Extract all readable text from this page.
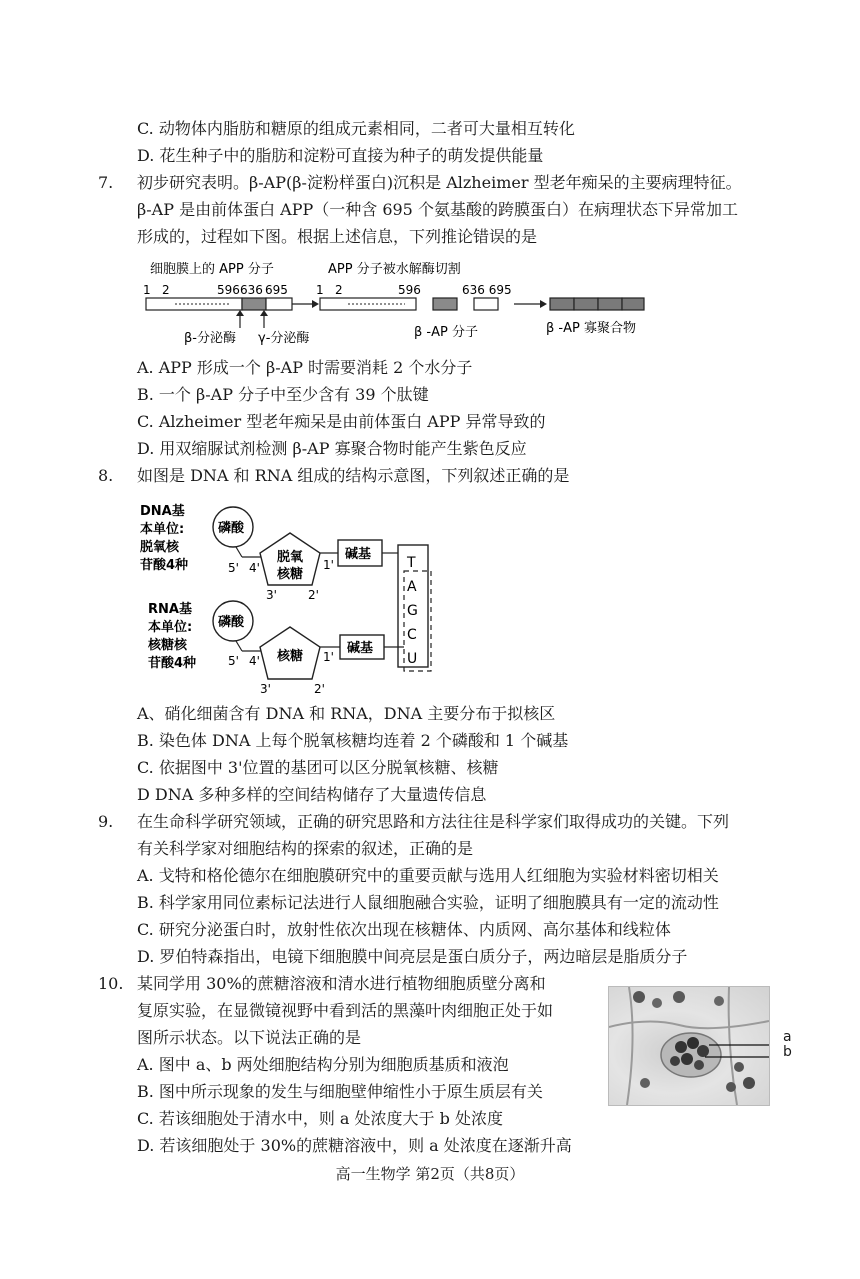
C. 动物体内脂肪和糖原的组成元素相同，二者可大量相互转化
D. 花生种子中的脂肪和淀粉可直接为种子的萌发提供能量
7. 初步研究表明。β-AP(β-淀粉样蛋白)沉积是 Alzheimer 型老年痴呆的主要病理特征。
β-AP 是由前体蛋白 APP（一种含 695 个氨基酸的跨膜蛋白）在病理状态下异常加工
形成的，过程如下图。根据上述信息，下列推论错误的是
细胞膜上的 APP 分子	APP 分子被水解酶切割
1 2	596 636 695
β-分泌酶 γ-分泌酶
1 2	596	636 695
β -AP 分子	β -AP 寡聚合物
A. APP 形成一个 β-AP 时需要消耗 2 个水分子
B. 一个 β-AP 分子中至少含有 39 个肽键
C. Alzheimer 型老年痴呆是由前体蛋白 APP 异常导致的
D. 用双缩脲试剂检测 β-AP 寡聚合物时能产生紫色反应
8. 如图是 DNA 和 RNA 组成的结构示意图，下列叙述正确的是
DNA基
本单位:
脱氧核
苷酸4种
磷酸
5' 4'
脱氧
核糖
3'	2'
1'
碱基
T
A
G
C
U
RNA基
本单位:
核糖核
苷酸4种
磷酸
5' 4' 核糖
3'	2'
1'
碱基
A、硝化细菌含有 DNA 和 RNA，DNA 主要分布于拟核区
B. 染色体 DNA 上每个脱氧核糖均连着 2 个磷酸和 1 个碱基
C. 依据图中 3'位置的基团可以区分脱氧核糖、核糖
D DNA 多种多样的空间结构储存了大量遗传信息
9. 在生命科学研究领域，正确的研究思路和方法往往是科学家们取得成功的关键。下列
有关科学家对细胞结构的探索的叙述，正确的是
A. 戈特和格伦德尔在细胞膜研究中的重要贡献与选用人红细胞为实验材料密切相关
B. 科学家用同位素标记法进行人鼠细胞融合实验，证明了细胞膜具有一定的流动性
C. 研究分泌蛋白时，放射性依次出现在核糖体、内质网、高尔基体和线粒体
D. 罗伯特森指出，电镜下细胞膜中间亮层是蛋白质分子，两边暗层是脂质分子
10. 某同学用 30%的蔗糖溶液和清水进行植物细胞质壁分离和
复原实验，在显微镜视野中看到活的黑藻叶肉细胞正处于如
图所示状态。以下说法正确的是
A. 图中 a、b 两处细胞结构分别为细胞质基质和液泡
B. 图中所示现象的发生与细胞壁伸缩性小于原生质层有关
C. 若该细胞处于清水中，则 a 处浓度大于 b 处浓度
D. 若该细胞处于 30%的蔗糖溶液中，则 a 处浓度在逐渐升高
a
b
高一生物学 第2页（共8页）
